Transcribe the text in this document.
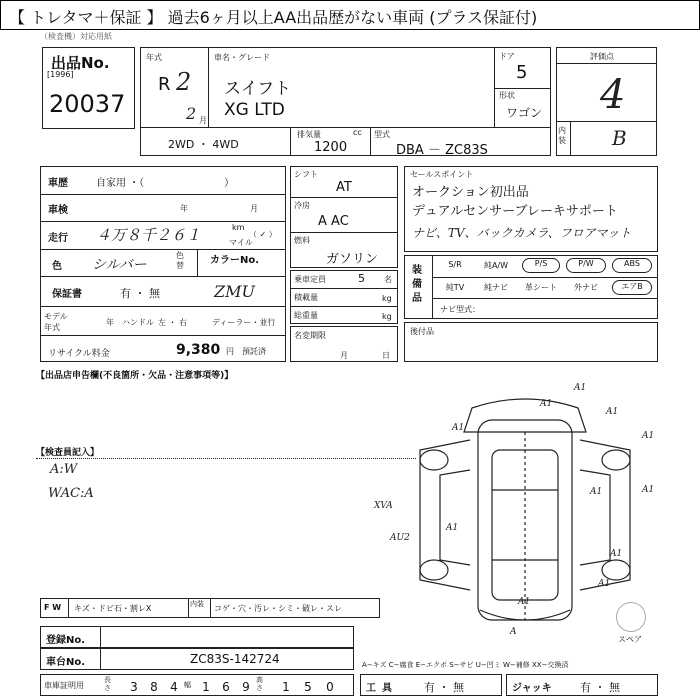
【 トレタマ＋保証 】 過去6ヶ月以上AA出品歴がない車両 (プラス保証付)
（検査機）対応用紙
出品No.
[1996]
20037
年式
R 2
2 月
車名・グレード
スイフト
XG LTD
ドア
5
形状
ワゴン
2WD ・ 4WD
排気量	cc
1200
型式
DBA － ZC83S
評価点
4
内装 B
車歴	自家用 ・（　　　　　　　　）
車検	年	月
走行 ４万８千２６１	km
マイル
（ ✓ ）
色 シルバー
色替	カラーNo.
保証書	有 ・ 無	ZMU
モデル年式
年 ハンドル 左 ・ 右	ディーラー・並行
リサイクル料金	9,380 円 預託済
シフト
AT
冷房
A AC
燃料
ガソリン
乗車定員	5 名
積載量	kg
総重量	kg
名変期限
月	日
セールスポイント
オークション初出品
デュアルセンサーブレーキサポート
ナビ、TV、バックカメラ、フロアマット
装備品
S/R	純A/W	P/S	P/W	ABS
純TV	純ナビ	革シート	外ナビ	エアB
ナビ型式：
後付品
【出品店申告欄(不良箇所・欠品・注意事項等)】
【検査員記入】
A:W
WAC:A
A1
A1
A1
A1
A1
A1
A1
A1
A1
A1
A1
XVA
AU2
A
スペア
F W キズ・ドビ石・割レX	内装	コゲ・穴・汚レ・シミ・破レ・スレ
登録No.
車台No.	ZC83S-142724	A−キズ C−腐食 E−エクボ S−サビ U−凹ミ W−補修 XX−交換済
車庫証明用
長さ	3 8 4 幅 1 6 9 高さ	1 5 0	工具 有 ・ 無	ジャッキ	有 ・ 無
